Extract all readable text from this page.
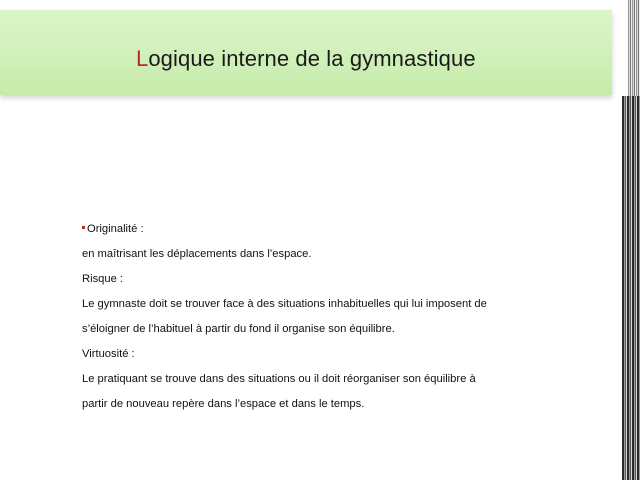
Logique interne de la gymnastique
Originalité :
en maîtrisant les déplacements dans l’espace.
Risque :
Le gymnaste doit se trouver face à des situations inhabituelles qui lui imposent de
s’éloigner de l’habituel à partir du fond il organise son équilibre.
Virtuosité :
Le pratiquant se trouve dans des situations ou il doit réorganiser son équilibre à
partir de nouveau repère dans l’espace et dans le temps.
